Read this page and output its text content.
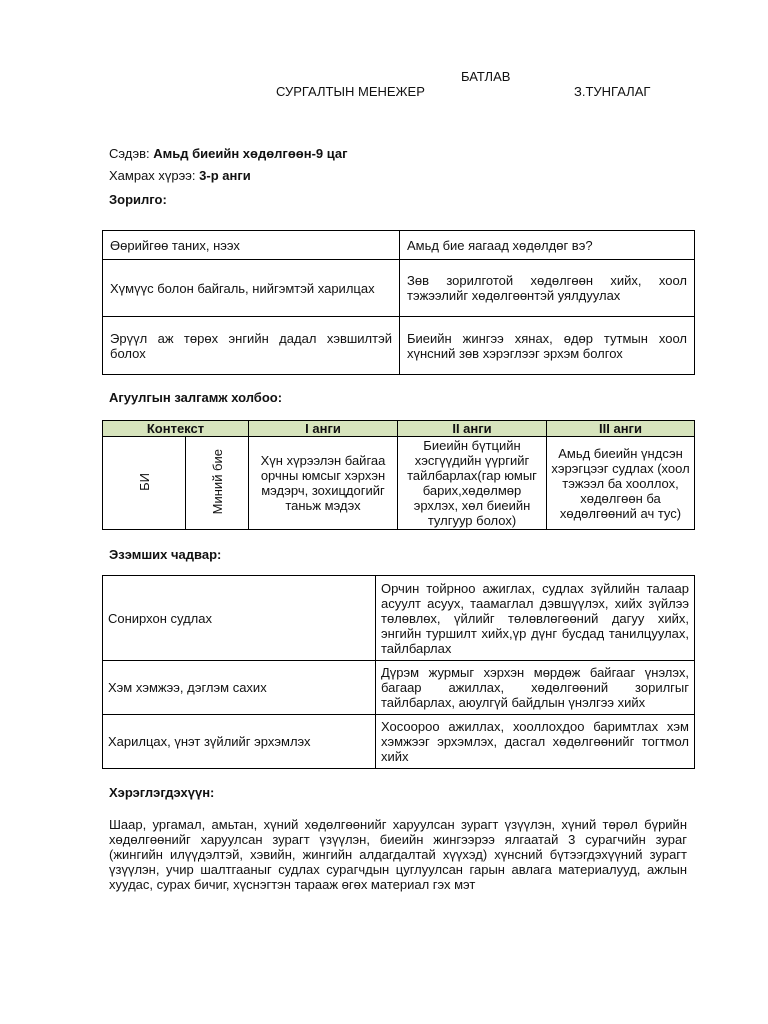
БАТЛАВ
СУРГАЛТЫН МЕНЕЖЕР	З.ТУНГАЛАГ
Сэдэв: Амьд биеийн хөдөлгөөн-9 цаг
Хамрах хүрээ: 3-р анги
Зорилго:
Өөрийгөө таних, нээх	Амьд бие яагаад хөдөлдөг вэ?
Хүмүүс болон байгаль, нийгэмтэй харилцах	Зөв зорилготой хөдөлгөөн хийх, хоол тэжээлийг хөдөлгөөнтэй уялдуулах
Эрүүл аж төрөх энгийн дадал хэвшилтэй болох	Биеийн жингээ хянах, өдөр тутмын хоол хүнсний зөв хэрэглээг эрхэм болгох
Агуулгын залгамж холбоо:
Контекст		I анги	II анги	III анги
БИ	Миний бие	Хүн хүрээлэн байгаа орчны юмсыг хэрхэн мэдэрч, зохицдогийг таньж мэдэх	Биеийн бүтцийн хэсгүүдийн үүргийг тайлбарлах(гар юмыг барих,хөдөлмөр эрхлэх, хөл биеийн тулгуур болох)	Амьд биеийн үндсэн хэрэгцээг судлах (хоол тэжээл ба хооллох, хөдөлгөөн ба хөдөлгөөний ач тус)
Эзэмших чадвар:
Сонирхон судлах	Орчин тойрноо ажиглах, судлах зүйлийн талаар асуулт асуух, таамаглал дэвшүүлэх, хийх зүйлээ төлөвлөх, үйлийг төлөвлөгөөний дагуу хийх, энгийн туршилт хийх,үр дүнг бусдад танилцуулах, тайлбарлах
Хэм хэмжээ, дэглэм сахих	Дүрэм журмыг хэрхэн мөрдөж байгааг үнэлэх, багаар ажиллах, хөдөлгөөний зорилгыг тайлбарлах, аюулгүй байдлын үнэлгээ хийх
Харилцах, үнэт зүйлийг эрхэмлэх	Хосоороо ажиллах, хооллохдоо баримтлах хэм хэмжээг эрхэмлэх, дасгал хөдөлгөөнийг тогтмол хийх
Хэрэглэгдэхүүн:
Шаар, ургамал, амьтан, хүний хөдөлгөөнийг харуулсан зурагт үзүүлэн, хүний төрөл бүрийн хөдөлгөөнийг харуулсан зурагт үзүүлэн, биеийн жингээрээ ялгаатай 3 сурагчийн зураг (жингийн илүүдэлтэй, хэвийн, жингийн алдагдалтай хүүхэд) хүнсний бүтээгдэхүүний зурагт үзүүлэн, учир шалтгааныг судлах сурагчдын цуглуулсан гарын авлага материалууд, ажлын хуудас, сурах бичиг, хүснэгтэн тарааж өгөх материал гэх мэт
